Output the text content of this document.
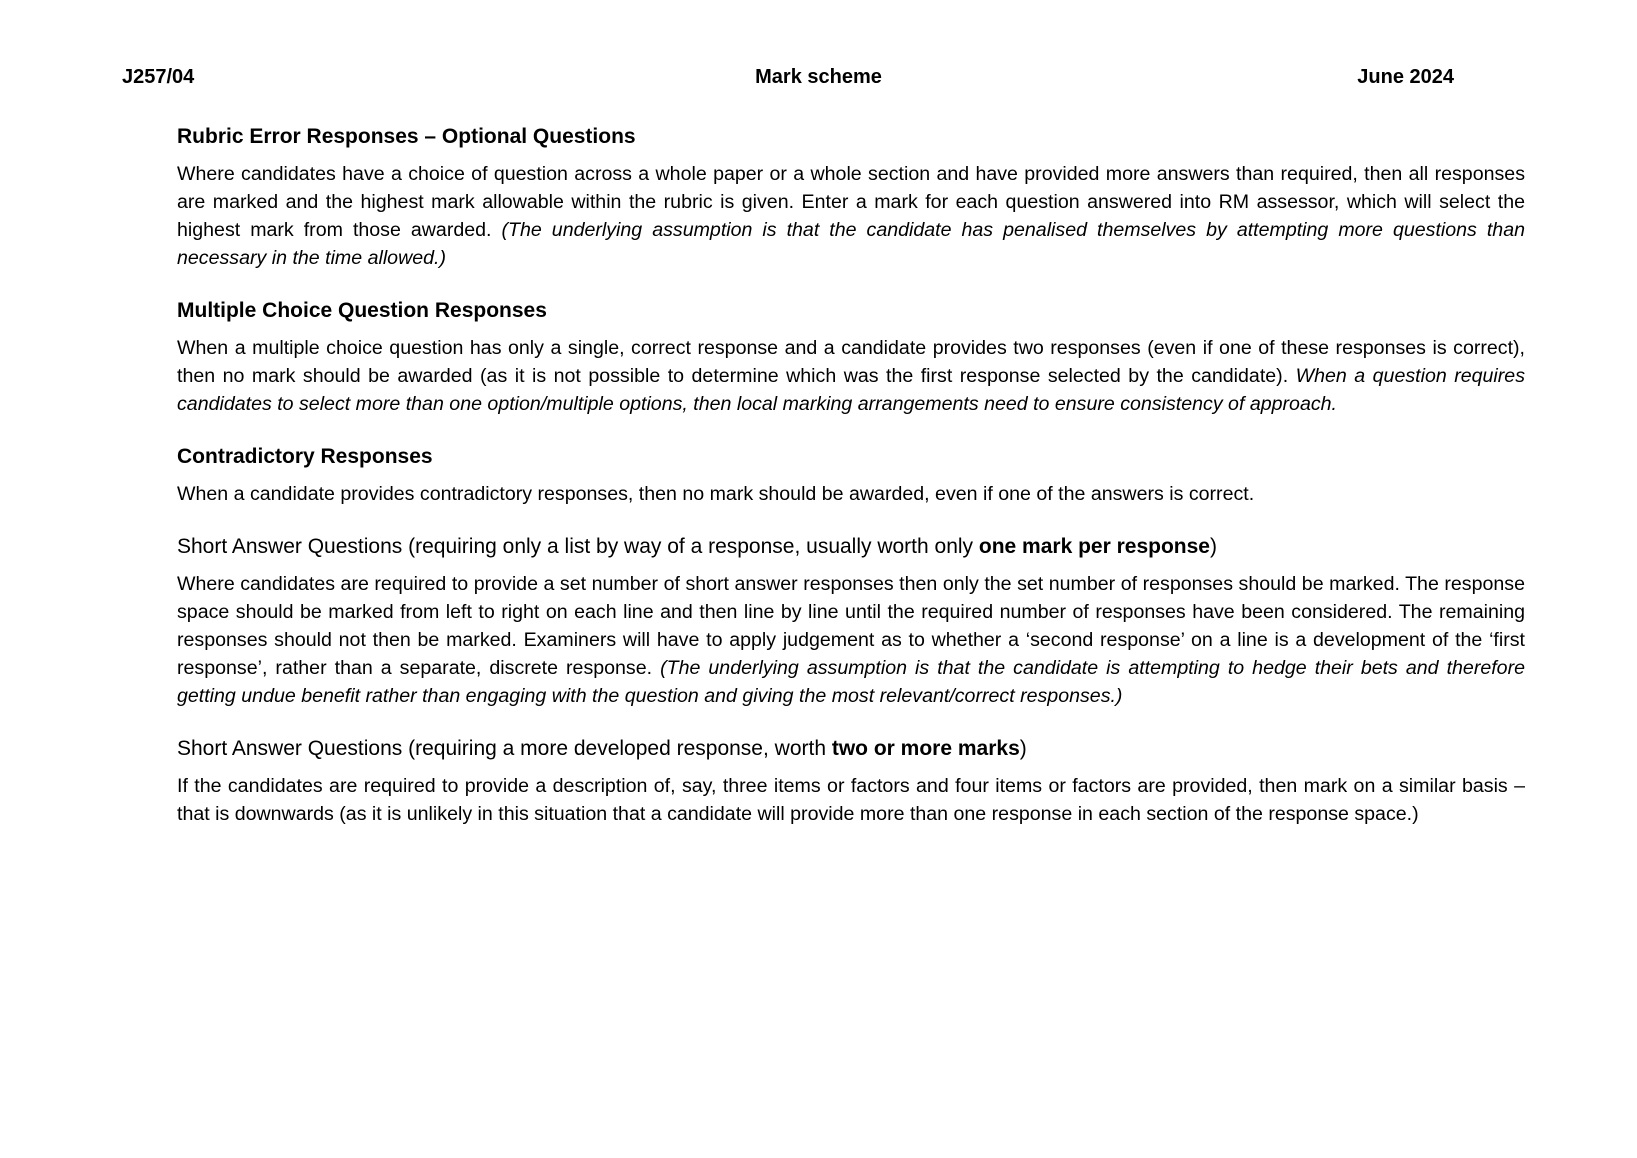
J257/04	Mark scheme	June 2024
Rubric Error Responses – Optional Questions

Where candidates have a choice of question across a whole paper or a whole section and have provided more answers than required, then all responses are marked and the highest mark allowable within the rubric is given. Enter a mark for each question answered into RM assessor, which will select the highest mark from those awarded. (The underlying assumption is that the candidate has penalised themselves by attempting more questions than necessary in the time allowed.)

Multiple Choice Question Responses

When a multiple choice question has only a single, correct response and a candidate provides two responses (even if one of these responses is correct), then no mark should be awarded (as it is not possible to determine which was the first response selected by the candidate). When a question requires candidates to select more than one option/multiple options, then local marking arrangements need to ensure consistency of approach.

Contradictory Responses

When a candidate provides contradictory responses, then no mark should be awarded, even if one of the answers is correct.

Short Answer Questions (requiring only a list by way of a response, usually worth only one mark per response)

Where candidates are required to provide a set number of short answer responses then only the set number of responses should be marked. The response space should be marked from left to right on each line and then line by line until the required number of responses have been considered. The remaining responses should not then be marked. Examiners will have to apply judgement as to whether a ‘second response’ on a line is a development of the ‘first response’, rather than a separate, discrete response. (The underlying assumption is that the candidate is attempting to hedge their bets and therefore getting undue benefit rather than engaging with the question and giving the most relevant/correct responses.)

Short Answer Questions (requiring a more developed response, worth two or more marks)

If the candidates are required to provide a description of, say, three items or factors and four items or factors are provided, then mark on a similar basis – that is downwards (as it is unlikely in this situation that a candidate will provide more than one response in each section of the response space.)
